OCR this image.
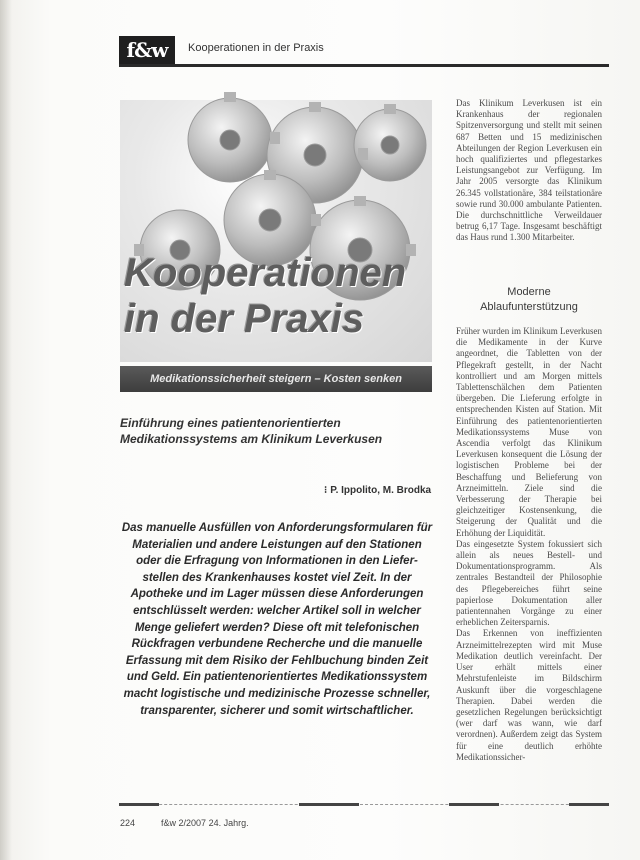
f&w	Kooperationen in der Praxis
Kooperationen
in der Praxis
Medikationssicherheit steigern – Kosten senken
Einführung eines patientenorientierten
Medikationssystems am Klinikum Leverkusen
⁝ P. Ippolito, M. Brodka

Das manuelle Ausfüllen von Anforderungsformularen für

Materialien und andere Leistungen auf den Stationen

oder die Erfragung von Informationen in den Liefer-

stellen des Krankenhauses kostet viel Zeit. In der

Apotheke und im Lager müssen diese Anforderungen

entschlüsselt werden: welcher Artikel soll in welcher

Menge geliefert werden? Diese oft mit telefonischen

Rückfragen verbundene Recherche und die manuelle

Erfassung mit dem Risiko der Fehlbuchung binden Zeit

und Geld. Ein patientenorientiertes Medikationssystem

macht logistische und medizinische Prozesse schneller,

transparenter, sicherer und somit wirtschaftlicher.

Das Klinikum Leverkusen ist ein Krankenhaus der regionalen Spitzenversorgung und stellt mit seinen 687 Betten und 15 medizinischen Abteilungen der Region Leverkusen ein hoch qualifiziertes und pflegestarkes Leistungsangebot zur Verfügung. Im Jahr 2005 versorgte das Klinikum 26.345 vollstationäre, 384 teilstationäre sowie rund 30.000 ambulante Patienten. Die durchschnittliche Verweildauer betrug 6,17 Tage. Insgesamt beschäftigt das Haus rund 1.300 Mitarbeiter.

Moderne
Ablaufunterstützung

Früher wurden im Klinikum Leverkusen die Medikamente in der Kurve angeordnet, die Tabletten von der Pflegekraft gestellt, in der Nacht kontrolliert und am Morgen mittels Tablettenschälchen dem Patienten übergeben. Die Lieferung erfolgte in entsprechenden Kisten auf Station. Mit Einführung des patientenorientierten Medikationssystems Muse von Ascendia verfolgt das Klinikum Leverkusen konsequent die Lösung der logistischen Probleme bei der Beschaffung und Belieferung von Arzneimitteln. Ziele sind die Verbesserung der Therapie bei gleichzeitiger Kostensenkung, die Steigerung der Qualität und die Erhöhung der Liquidität.

Das eingesetzte System fokussiert sich allein als neues Bestell- und Dokumentationsprogramm. Als zentrales Bestandteil der Philosophie des Pflegebereiches führt seine papierlose Dokumentation aller patientennahen Vorgänge zu einer erheblichen Zeitersparnis.

Das Erkennen von ineffizienten Arzneimittelrezepten wird mit Muse Medikation deutlich vereinfacht. Der User erhält mittels einer Mehrstufenleiste im Bildschirm Auskunft über die vorgeschlagene Therapien. Dabei werden die gesetzlichen Regelungen berücksichtigt (wer darf was wann, wie darf verordnen). Außerdem zeigt das System für eine deutlich erhöhte Medikationssicher-

224	f&w 2/2007 24. Jahrg.
